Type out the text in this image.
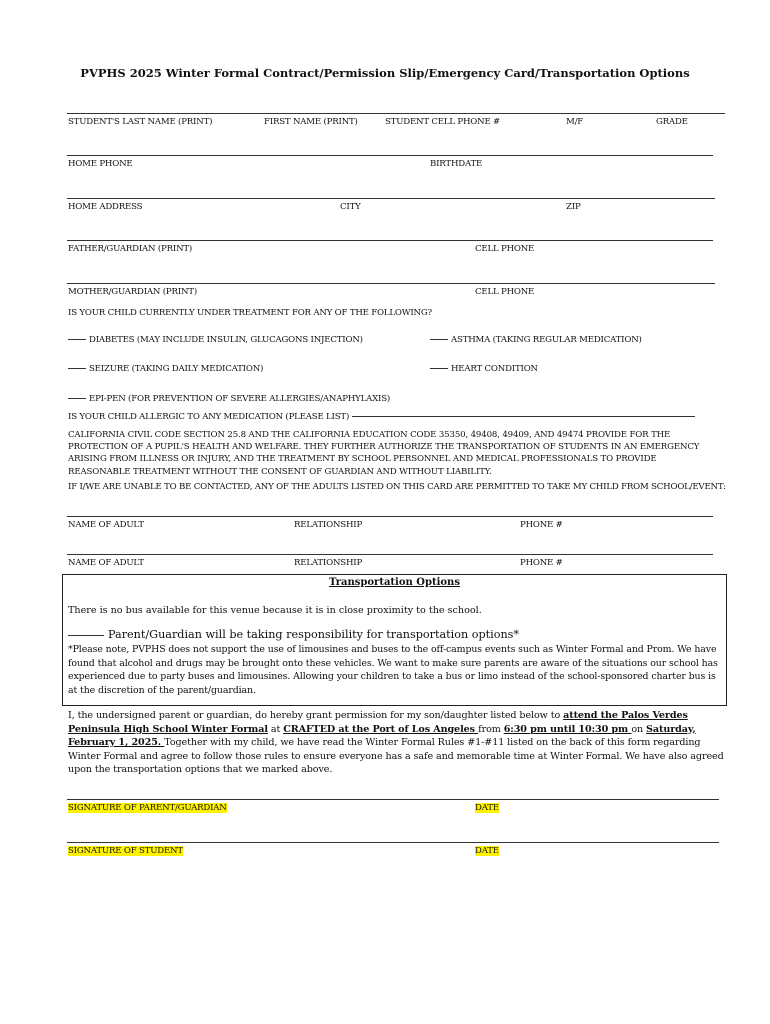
PVPHS 2025 Winter Formal Contract/Permission Slip/Emergency Card/Transportation Options
STUDENT'S LAST NAME (PRINT)	FIRST NAME (PRINT)	STUDENT CELL PHONE #	M/F	GRADE
HOME PHONE	BIRTHDATE
HOME ADDRESS	CITY	ZIP
FATHER/GUARDIAN (PRINT)	CELL PHONE
MOTHER/GUARDIAN (PRINT)	CELL PHONE
IS YOUR CHILD CURRENTLY UNDER TREATMENT FOR ANY OF THE FOLLOWING?
DIABETES (MAY INCLUDE INSULIN, GLUCAGONS INJECTION)	ASTHMA (TAKING REGULAR MEDICATION)
SEIZURE (TAKING DAILY MEDICATION)	HEART CONDITION
EPI-PEN (FOR PREVENTION OF SEVERE ALLERGIES/ANAPHYLAXIS)
IS YOUR CHILD ALLERGIC TO ANY MEDICATION (PLEASE LIST)
CALIFORNIA CIVIL CODE SECTION 25.8 AND THE CALIFORNIA EDUCATION CODE 35350, 49408, 49409, AND 49474 PROVIDE FOR THE PROTECTION OF A PUPIL'S HEALTH AND WELFARE. THEY FURTHER AUTHORIZE THE TRANSPORTATION OF STUDENTS IN AN EMERGENCY ARISING FROM ILLNESS OR INJURY, AND THE TREATMENT BY SCHOOL PERSONNEL AND MEDICAL PROFESSIONALS TO PROVIDE REASONABLE TREATMENT WITHOUT THE CONSENT OF GUARDIAN AND WITHOUT LIABILITY.
IF I/WE ARE UNABLE TO BE CONTACTED, ANY OF THE ADULTS LISTED ON THIS CARD ARE PERMITTED TO TAKE MY CHILD FROM SCHOOL/EVENT:
NAME OF ADULT	RELATIONSHIP	PHONE #
NAME OF ADULT	RELATIONSHIP	PHONE #
Transportation Options
There is no bus available for this venue because it is in close proximity to the school.
Parent/Guardian will be taking responsibility for transportation options*
*Please note, PVPHS does not support the use of limousines and buses to the off-campus events such as Winter Formal and Prom. We have found that alcohol and drugs may be brought onto these vehicles. We want to make sure parents are aware of the situations our school has experienced due to party buses and limousines. Allowing your children to take a bus or limo instead of the school-sponsored charter bus is at the discretion of the parent/guardian.
I, the undersigned parent or guardian, do hereby grant permission for my son/daughter listed below to attend the Palos Verdes Peninsula High School Winter Formal at CRAFTED at the Port of Los Angeles from 6:30 pm until 10:30 pm on Saturday, February 1, 2025. Together with my child, we have read the Winter Formal Rules #1-#11 listed on the back of this form regarding Winter Formal and agree to follow those rules to ensure everyone has a safe and memorable time at Winter Formal. We have also agreed upon the transportation options that we marked above.
SIGNATURE OF PARENT/GUARDIAN	DATE
SIGNATURE OF STUDENT	DATE
